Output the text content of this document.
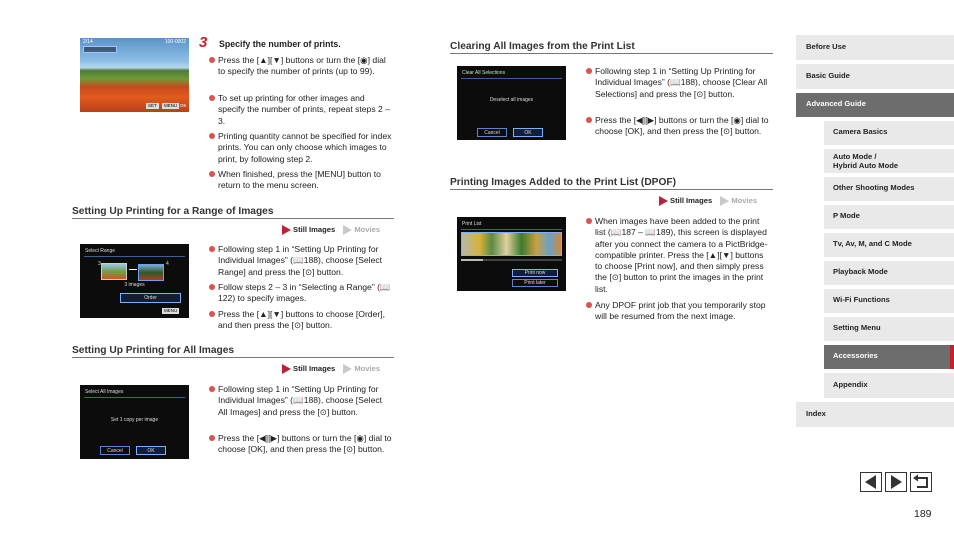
2/14	100-0002
SET	MENU OK
3	Specify the number of prints.
Press the [▲][▼] buttons or turn the [◉] dial to specify the number of prints (up to 99).
To set up printing for other images and specify the number of prints, repeat steps 2 – 3.
Printing quantity cannot be specified for index prints. You can only choose which images to print, by following step 2.
When finished, press the [MENU] button to return to the menu screen.
Setting Up Printing for a Range of Images
Still Images	Movies
Select Range
3	4
3 images
Order
MENU
Following step 1 in “Setting Up Printing for Individual Images” (📖188), choose [Select Range] and press the [⊙] button.
Follow steps 2 – 3 in “Selecting a Range” (📖122) to specify images.
Press the [▲][▼] buttons to choose [Order], and then press the [⊙] button.
Setting Up Printing for All Images
Still Images	Movies
Select All Images
Set 1 copy per image
Cancel	OK
Following step 1 in “Setting Up Printing for Individual Images” (📖188), choose [Select All Images] and press the [⊙] button.
Press the [◀][▶] buttons or turn the [◉] dial to choose [OK], and then press the [⊙] button.
Clearing All Images from the Print List
Clear All Selections
Deselect all images
Cancel	OK
Following step 1 in “Setting Up Printing for Individual Images” (📖188), choose [Clear All Selections] and press the [⊙] button.
Press the [◀][▶] buttons or turn the [◉] dial to choose [OK], and then press the [⊙] button.
Printing Images Added to the Print List (DPOF)
Still Images	Movies
Print List
Print now
Print later
When images have been added to the print list (📖187 – 📖189), this screen is displayed after you connect the camera to a PictBridge-compatible printer. Press the [▲][▼] buttons to choose [Print now], and then simply press the [⊙] button to print the images in the print list.
Any DPOF print job that you temporarily stop will be resumed from the next image.
Before Use
Basic Guide
Advanced Guide
Camera Basics
Auto Mode /
Hybrid Auto Mode
Other Shooting Modes
P Mode
Tv, Av, M, and C Mode
Playback Mode
Wi-Fi Functions
Setting Menu
Accessories
Appendix
Index
189
